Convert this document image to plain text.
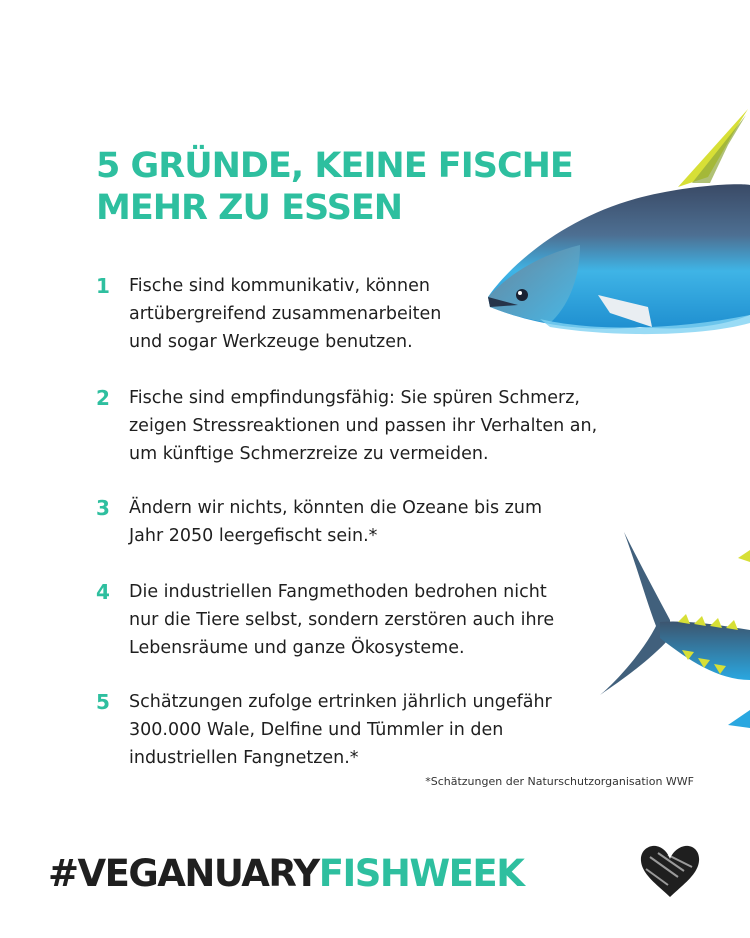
5 GRÜNDE, KEINE FISCHE
MEHR ZU ESSEN
1 Fische sind kommunikativ, können
artübergreifend zusammenarbeiten
und sogar Werkzeuge benutzen.
2 Fische sind empfindungsfähig: Sie spüren Schmerz,
zeigen Stressreaktionen und passen ihr Verhalten an,
um künftige Schmerzreize zu vermeiden.
3 Ändern wir nichts, könnten die Ozeane bis zum
Jahr 2050 leergefischt sein.*
4 Die industriellen Fangmethoden bedrohen nicht
nur die Tiere selbst, sondern zerstören auch ihre
Lebensräume und ganze Ökosysteme.
5 Schätzungen zufolge ertrinken jährlich ungefähr
300.000 Wale, Delfine und Tümmler in den
industriellen Fangnetzen.*
*Schätzungen der Naturschutzorganisation WWF
#VEGANUARYFISHWEEK
